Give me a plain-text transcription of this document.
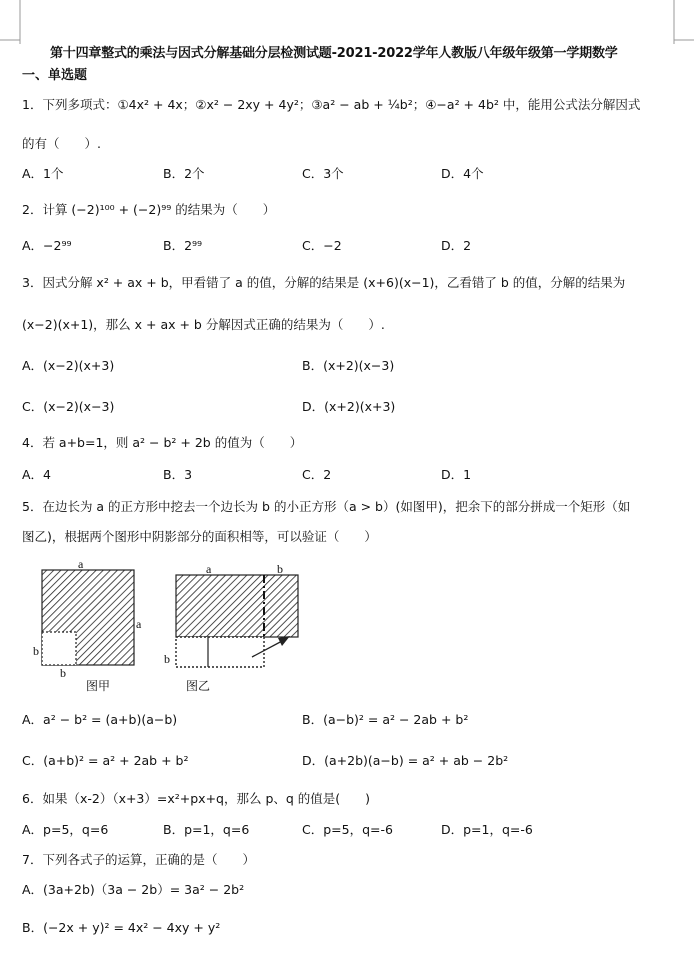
第十四章整式的乘法与因式分解基础分层检测试题-2021-2022学年人教版八年级年级第一学期数学
一、单选题
1．下列多项式：①4x² + 4x；②x² − 2xy + 4y²；③a² − ab + ¼b²；④−a² + 4b² 中，能用公式法分解因式
的有（　　）.
A．1个	B．2个	C．3个	D．4个
2．计算 (−2)¹⁰⁰ + (−2)⁹⁹ 的结果为（　　）
A．−2⁹⁹	B．2⁹⁹	C．−2	D．2
3．因式分解 x² + ax + b，甲看错了 a 的值，分解的结果是 (x+6)(x−1)，乙看错了 b 的值，分解的结果为
(x−2)(x+1)，那么 x + ax + b 分解因式正确的结果为（　　）.
A．(x−2)(x+3)	B．(x+2)(x−3)
C．(x−2)(x−3)	D．(x+2)(x+3)
4．若 a+b=1，则 a² − b² + 2b 的值为（　　）
A．4	B．3	C．2	D．1
5．在边长为 a 的正方形中挖去一个边长为 b 的小正方形（a > b）(如图甲)，把余下的部分拼成一个矩形（如
图乙)，根据两个图形中阴影部分的面积相等，可以验证（　　）
a
a
b
b
a	b
b
图甲	图乙
A．a² − b² = (a+b)(a−b)	B．(a−b)² = a² − 2ab + b²
C．(a+b)² = a² + 2ab + b²	D．(a+2b)(a−b) = a² + ab − 2b²
6．如果（x-2）（x+3）=x²+px+q，那么 p、q 的值是(　　)
A．p=5，q=6	B．p=1，q=6	C．p=5，q=-6	D．p=1，q=-6
7．下列各式子的运算，正确的是（　　）
A．(3a+2b)（3a − 2b）= 3a² − 2b²
B．(−2x + y)² = 4x² − 4xy + y²
